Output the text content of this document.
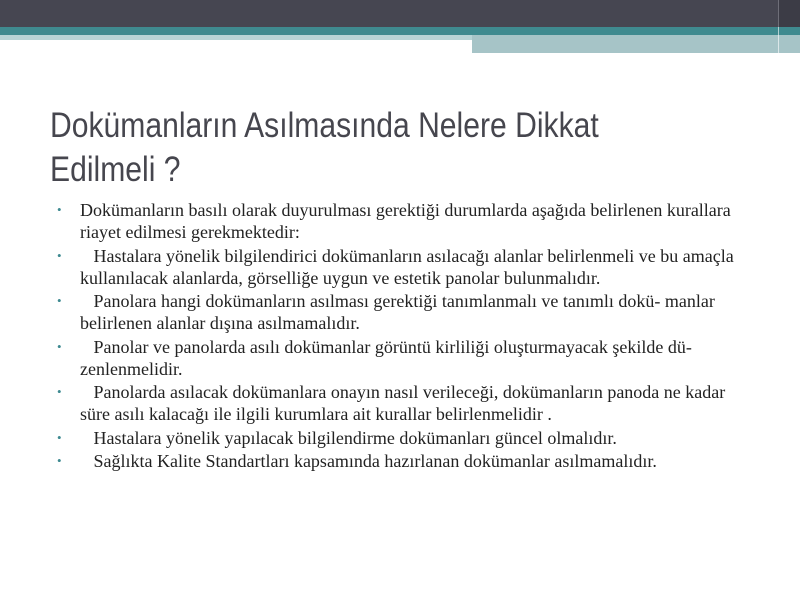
Dokümanların Asılmasında Nelere Dikkat
Edilmeli ?
• Dokümanların basılı olarak duyurulması gerektiği durumlarda aşağıda belirlenen kurallara riayet edilmesi gerekmektedir:
• Hastalara yönelik bilgilendirici dokümanların asılacağı alanlar belirlenmeli ve bu amaçla kullanılacak alanlarda, görselliğe uygun ve estetik panolar bulunmalıdır.
• Panolara hangi dokümanların asılması gerektiği tanımlanmalı ve tanımlı dokü- manlar belirlenen alanlar dışına asılmamalıdır.
• Panolar ve panolarda asılı dokümanlar görüntü kirliliği oluşturmayacak şekilde dü- zenlenmelidir.
• Panolarda asılacak dokümanlara onayın nasıl verileceği, dokümanların panoda ne kadar süre asılı kalacağı ile ilgili kurumlara ait kurallar belirlenmelidir .
• Hastalara yönelik yapılacak bilgilendirme dokümanları güncel olmalıdır.
• Sağlıkta Kalite Standartları kapsamında hazırlanan dokümanlar asılmamalıdır.
